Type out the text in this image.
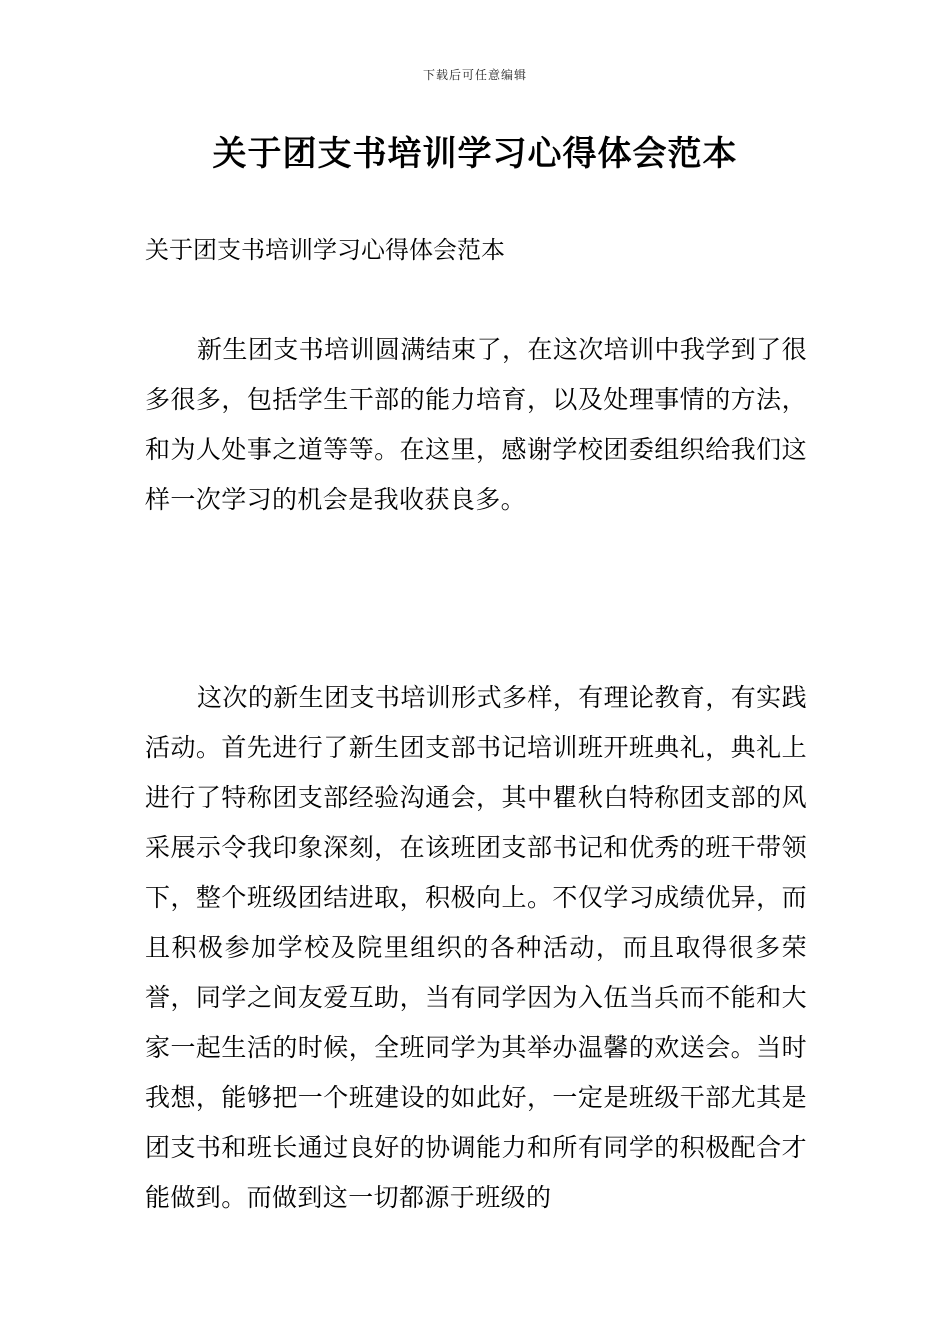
下载后可任意编辑
关于团支书培训学习心得体会范本

关于团支书培训学习心得体会范本

新生团支书培训圆满结束了，在这次培训中我学到了很多很多，包括学生干部的能力培育，以及处理事情的方法，和为人处事之道等等。在这里，感谢学校团委组织给我们这样一次学习的机会是我收获良多。

这次的新生团支书培训形式多样，有理论教育，有实践活动。首先进行了新生团支部书记培训班开班典礼，典礼上进行了特称团支部经验沟通会，其中瞿秋白特称团支部的风采展示令我印象深刻，在该班团支部书记和优秀的班干带领下，整个班级团结进取，积极向上。不仅学习成绩优异，而且积极参加学校及院里组织的各种活动，而且取得很多荣誉，同学之间友爱互助，当有同学因为入伍当兵而不能和大家一起生活的时候，全班同学为其举办温馨的欢送会。当时我想，能够把一个班建设的如此好，一定是班级干部尤其是团支书和班长通过良好的协调能力和所有同学的积极配合才能做到。而做到这一切都源于班级的
